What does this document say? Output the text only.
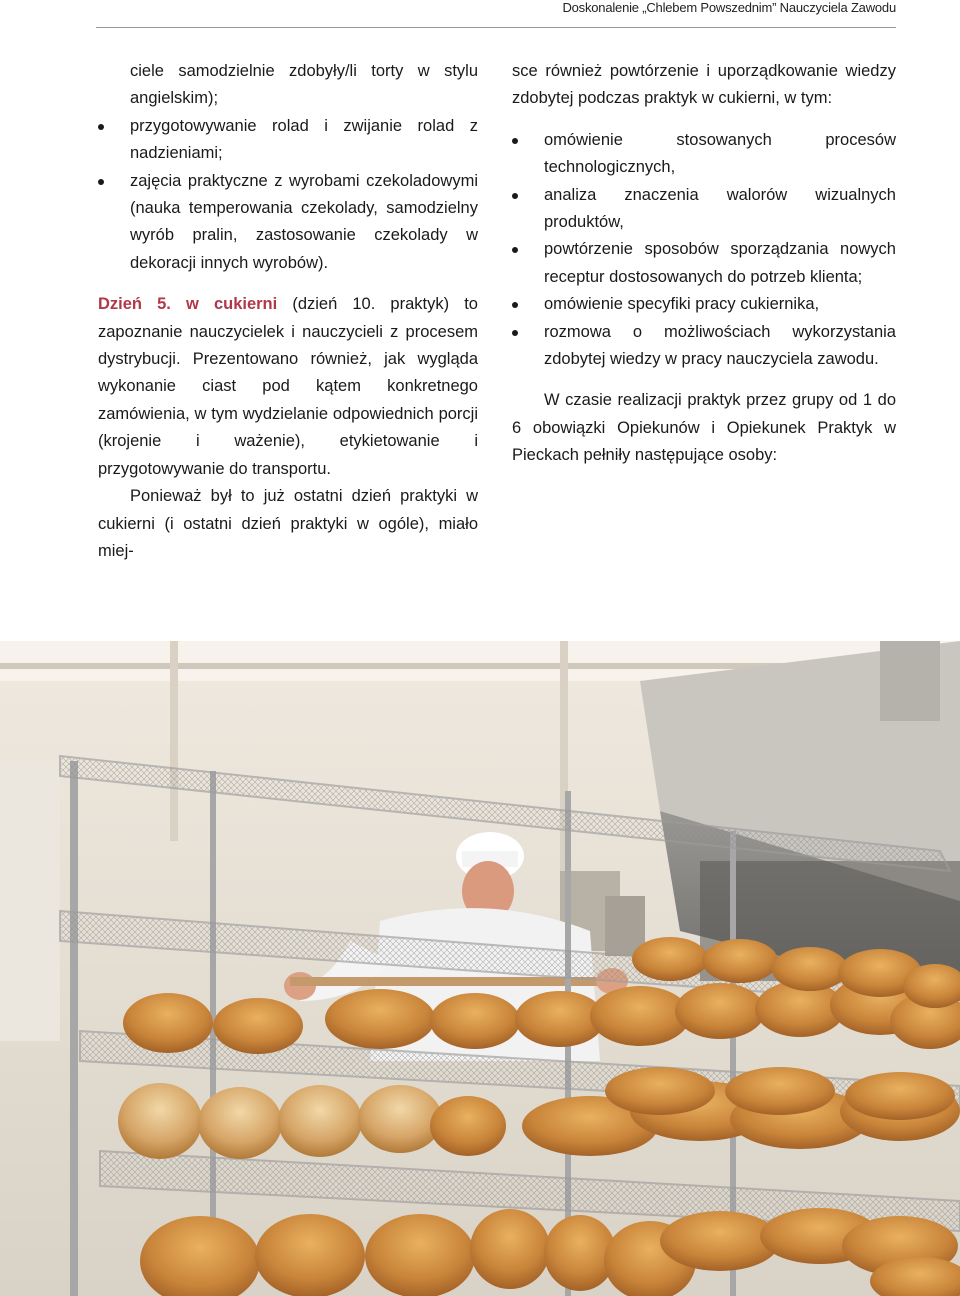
Doskonalenie „Chlebem Powszednim” Nauczyciela Zawodu
ciele samodzielnie zdobyły/li torty w stylu angielskim);
przygotowywanie rolad i zwijanie rolad z nadzieniami;
zajęcia praktyczne z wyrobami czekoladowymi (nauka temperowania czekolady, samodzielny wyrób pralin, zastosowanie czekolady w dekoracji innych wyrobów).

Dzień 5. w cukierni (dzień 10. praktyk) to zapoznanie nauczycielek i nauczycieli z procesem dystrybucji. Prezentowano również, jak wygląda wykonanie ciast pod kątem konkretnego zamówienia, w tym wydzielanie odpowiednich porcji (krojenie i ważenie), etykietowanie i przygotowywanie do transportu.

Ponieważ był to już ostatni dzień praktyki w cukierni (i ostatni dzień praktyki w ogóle), miało miej-

sce również powtórzenie i uporządkowanie wiedzy zdobytej podczas praktyk w cukierni, w tym:

omówienie stosowanych procesów technologicznych,
analiza znaczenia walorów wizualnych produktów,
powtórzenie sposobów sporządzania nowych receptur dostosowanych do potrzeb klienta;
omówienie specyfiki pracy cukiernika,
rozmowa o możliwościach wykorzystania zdobytej wiedzy w pracy nauczyciela zawodu.

W czasie realizacji praktyk przez grupy od 1 do 6 obowiązki Opiekunów i Opiekunek Praktyk w Pieckach pełniły następujące osoby:
